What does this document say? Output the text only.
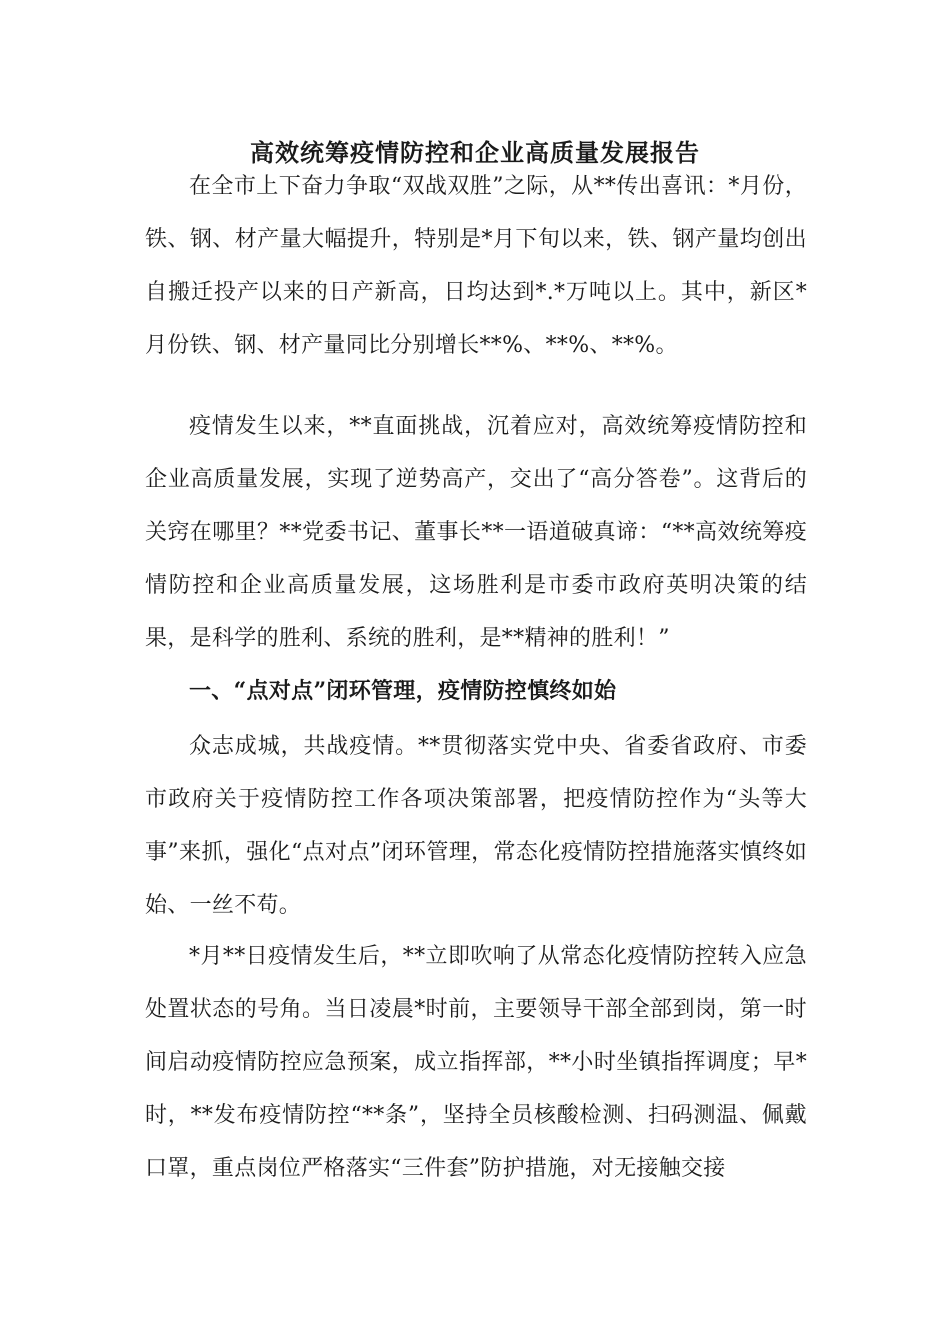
高效统筹疫情防控和企业高质量发展报告

在全市上下奋力争取“双战双胜”之际，从**传出喜讯：*月份，铁、钢、材产量大幅提升，特别是*月下旬以来，铁、钢产量均创出自搬迁投产以来的日产新高，日均达到*.*万吨以上。其中，新区*月份铁、钢、材产量同比分别增长**%、**%、**%。

疫情发生以来，**直面挑战，沉着应对，高效统筹疫情防控和企业高质量发展，实现了逆势高产，交出了“高分答卷”。这背后的关窍在哪里？**党委书记、董事长**一语道破真谛：“**高效统筹疫情防控和企业高质量发展，这场胜利是市委市政府英明决策的结果，是科学的胜利、系统的胜利，是**精神的胜利！”

一、“点对点”闭环管理，疫情防控慎终如始

众志成城，共战疫情。**贯彻落实党中央、省委省政府、市委市政府关于疫情防控工作各项决策部署，把疫情防控作为“头等大事”来抓，强化“点对点”闭环管理，常态化疫情防控措施落实慎终如始、一丝不苟。

*月**日疫情发生后，**立即吹响了从常态化疫情防控转入应急处置状态的号角。当日凌晨*时前，主要领导干部全部到岗，第一时间启动疫情防控应急预案，成立指挥部，**小时坐镇指挥调度；早*时，**发布疫情防控“**条”，坚持全员核酸检测、扫码测温、佩戴口罩，重点岗位严格落实“三件套”防护措施，对无接触交接
